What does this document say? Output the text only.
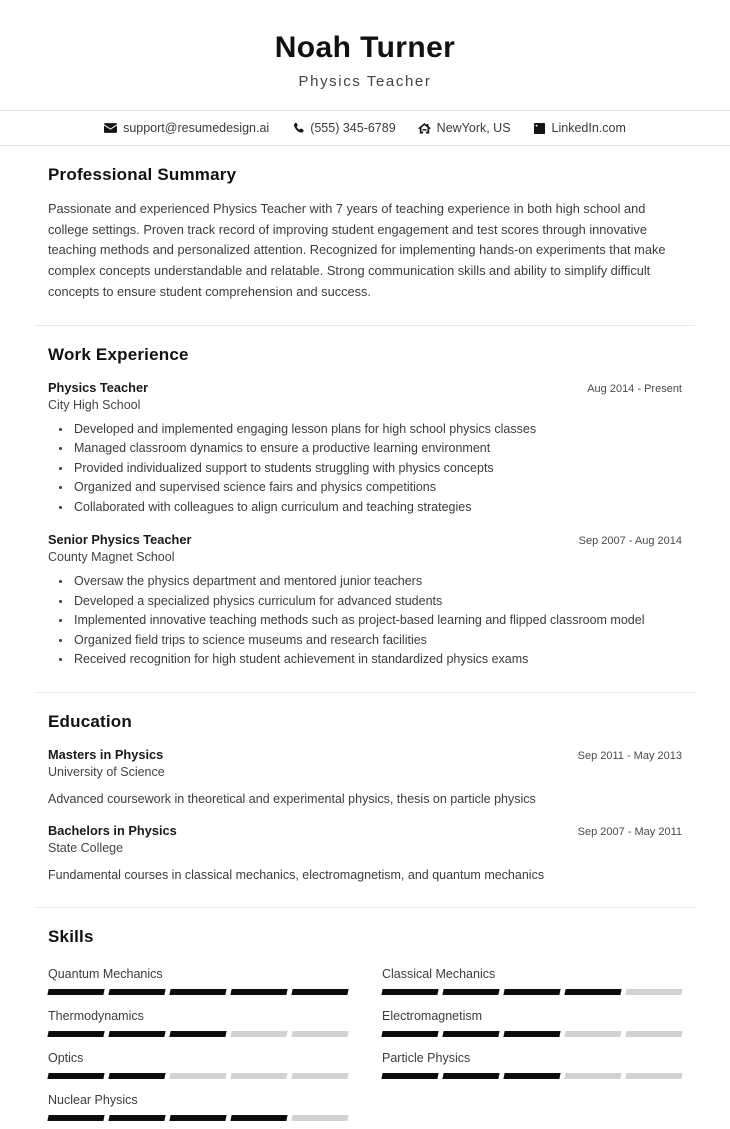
Noah Turner
Physics Teacher
support@resumedesign.ai	(555) 345-6789	NewYork, US	LinkedIn.com
Professional Summary
Passionate and experienced Physics Teacher with 7 years of teaching experience in both high school and college settings. Proven track record of improving student engagement and test scores through innovative teaching methods and personalized attention. Recognized for implementing hands-on experiments that make complex concepts understandable and relatable. Strong communication skills and ability to simplify difficult concepts to ensure student comprehension and success.
Work Experience
Physics Teacher	Aug 2014 - Present
City High School
• Developed and implemented engaging lesson plans for high school physics classes
• Managed classroom dynamics to ensure a productive learning environment
• Provided individualized support to students struggling with physics concepts
• Organized and supervised science fairs and physics competitions
• Collaborated with colleagues to align curriculum and teaching strategies
Senior Physics Teacher	Sep 2007 - Aug 2014
County Magnet School
• Oversaw the physics department and mentored junior teachers
• Developed a specialized physics curriculum for advanced students
• Implemented innovative teaching methods such as project-based learning and flipped classroom model
• Organized field trips to science museums and research facilities
• Received recognition for high student achievement in standardized physics exams
Education
Masters in Physics	Sep 2011 - May 2013
University of Science
Advanced coursework in theoretical and experimental physics, thesis on particle physics
Bachelors in Physics	Sep 2007 - May 2011
State College
Fundamental courses in classical mechanics, electromagnetism, and quantum mechanics
Skills
Quantum Mechanics	Classical Mechanics
Thermodynamics	Electromagnetism
Optics	Particle Physics
Nuclear Physics
